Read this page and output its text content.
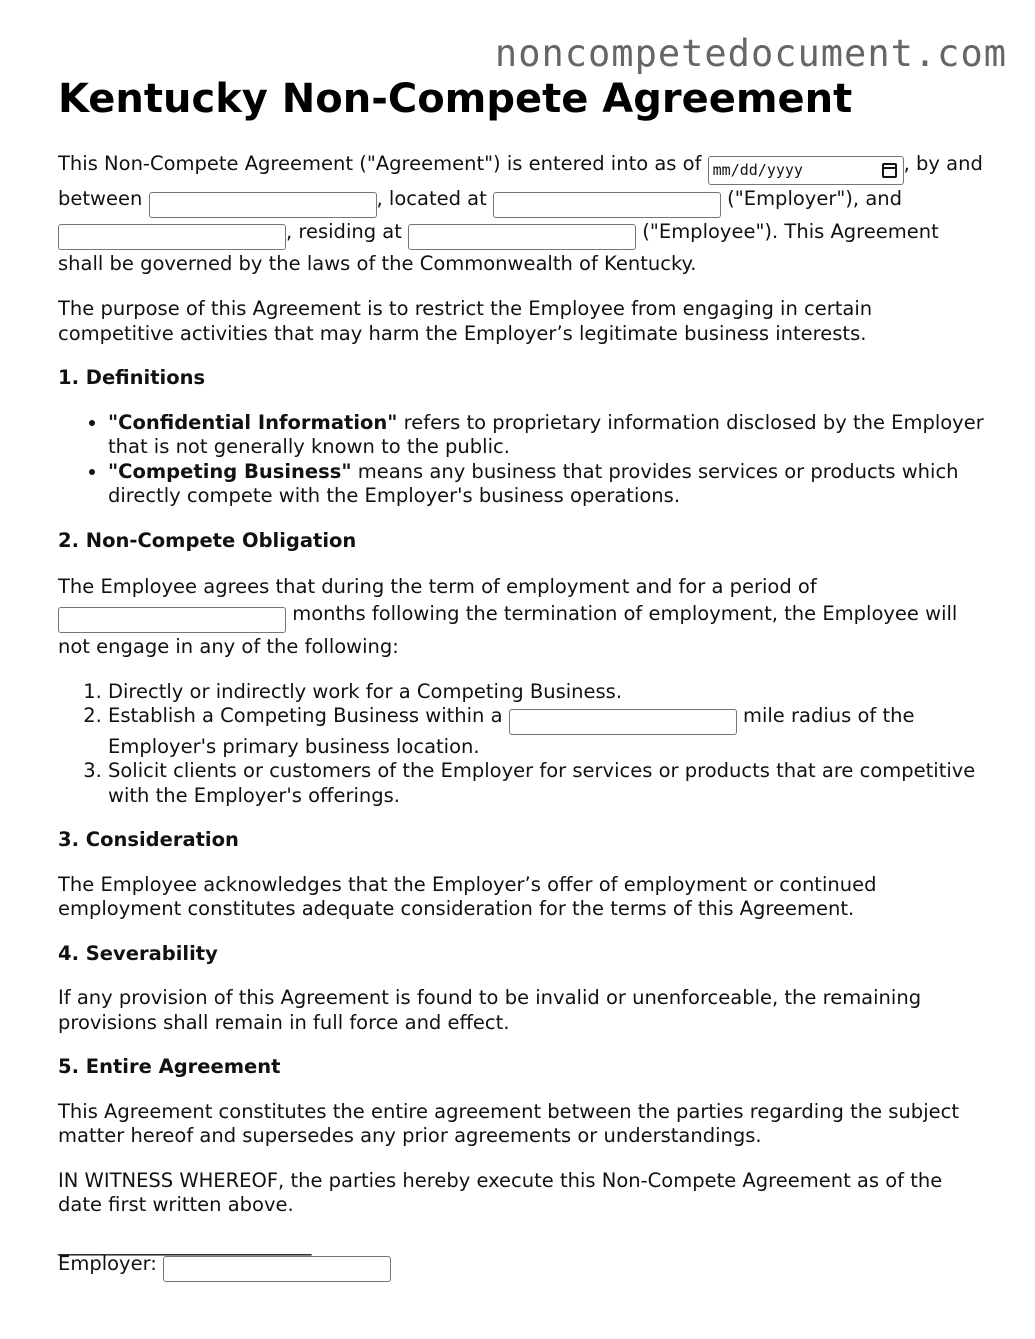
noncompetedocument.com
Kentucky Non-Compete Agreement

This Non-Compete Agreement ("Agreement") is entered into as of mm/dd/yyyy	, by and between	, located at	("Employer"), and , residing at	("Employee"). This Agreement shall be governed by the laws of the Commonwealth of Kentucky.

The purpose of this Agreement is to restrict the Employee from engaging in certain competitive activities that may harm the Employer’s legitimate business interests.

1. Definitions
• "Confidential Information" refers to proprietary information disclosed by the Employer that is not generally known to the public.
• "Competing Business" means any business that provides services or products which directly compete with the Employer's business operations.
2. Non-Compete Obligation

The Employee agrees that during the term of employment and for a period of  months following the termination of employment, the Employee will not engage in any of the following:

1. Directly or indirectly work for a Competing Business.
2. Establish a Competing Business within a	mile radius of the Employer's primary business location.
3. Solicit clients or customers of the Employer for services or products that are competitive with the Employer's offerings.
3. Consideration

The Employee acknowledges that the Employer’s offer of employment or continued employment constitutes adequate consideration for the terms of this Agreement.

4. Severability

If any provision of this Agreement is found to be invalid or unenforceable, the remaining provisions shall remain in full force and effect.

5. Entire Agreement

This Agreement constitutes the entire agreement between the parties regarding the subject matter hereof and supersedes any prior agreements or understandings.

IN WITNESS WHEREOF, the parties hereby execute this Non-Compete Agreement as of the date first written above.

__________________________

Employer:
